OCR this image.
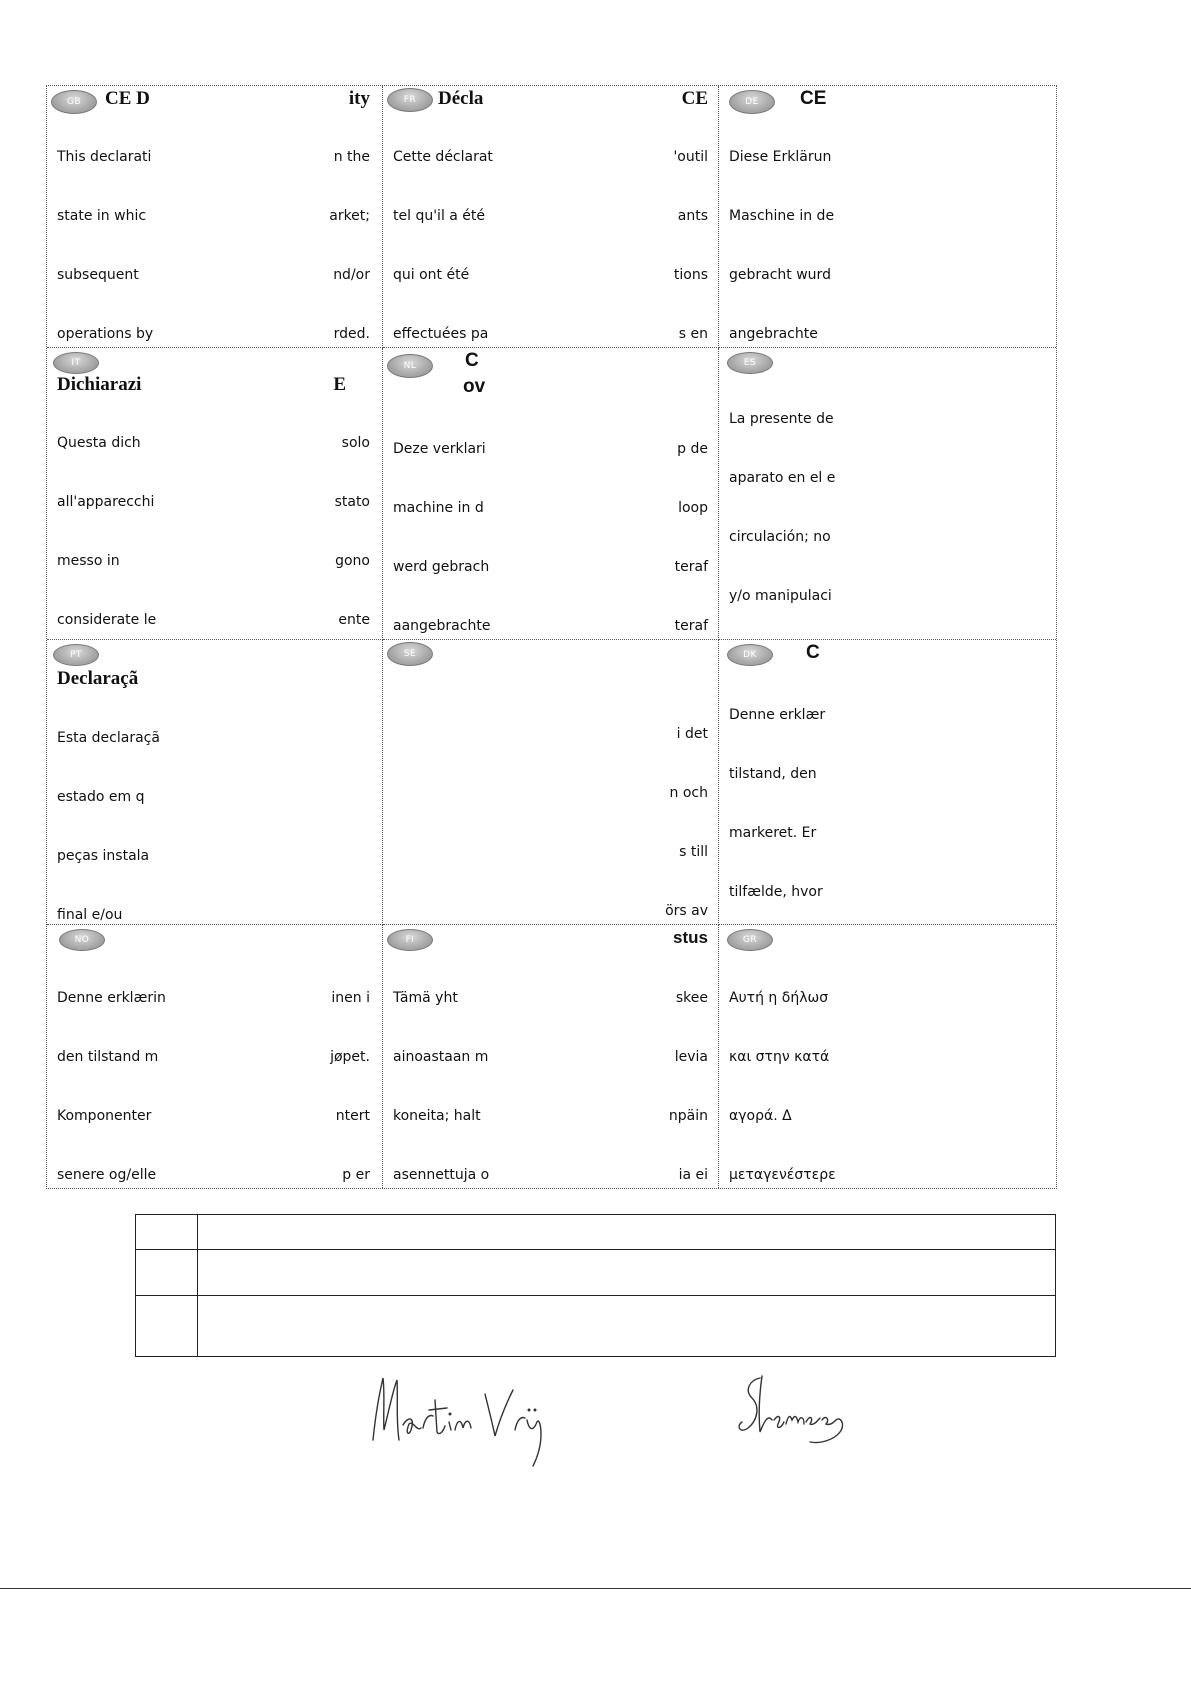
GB	CE D	ity

This declarati

state in whic

subsequent

operations by

n the

arket;

nd/or

rded.

FR	Décla	CE

Cette déclarat

tel qu'il a été

qui ont été

effectuées pa

'outil

ants

tions

s en

DE	CE

Diese Erklärun

Maschine in de

gebracht wurd

angebrachte

IT
Dichiarazi	E

Questa dich

all'apparecchi

messo in

considerate le

solo

stato

gono

ente

NL	C
ov

Deze verklari

machine in d

werd gebrach

aangebrachte

p de

loop

teraf

teraf

ES

La presente de

aparato en el e

circulación; no

y/o manipulaci

PT
Declaraçã

Esta declaraçã

estado em q

peças instala

final e/ou

SE

i det

n och

s till

örs av

DK	C

Denne erklær

tilstand, den

markeret. Er

tilfælde, hvor

NO

Denne erklærin

den tilstand m

Komponenter

senere og/elle

inen i

jøpet.

ntert

p er

FI	stus

Tämä yht

ainoastaan m

koneita; halt

asennettuja o

skee

levia

npäin

ia ei

GR

Αυτή η δήλωσ

και στην κατά

αγορά. Δ

μεταγενέστερε
